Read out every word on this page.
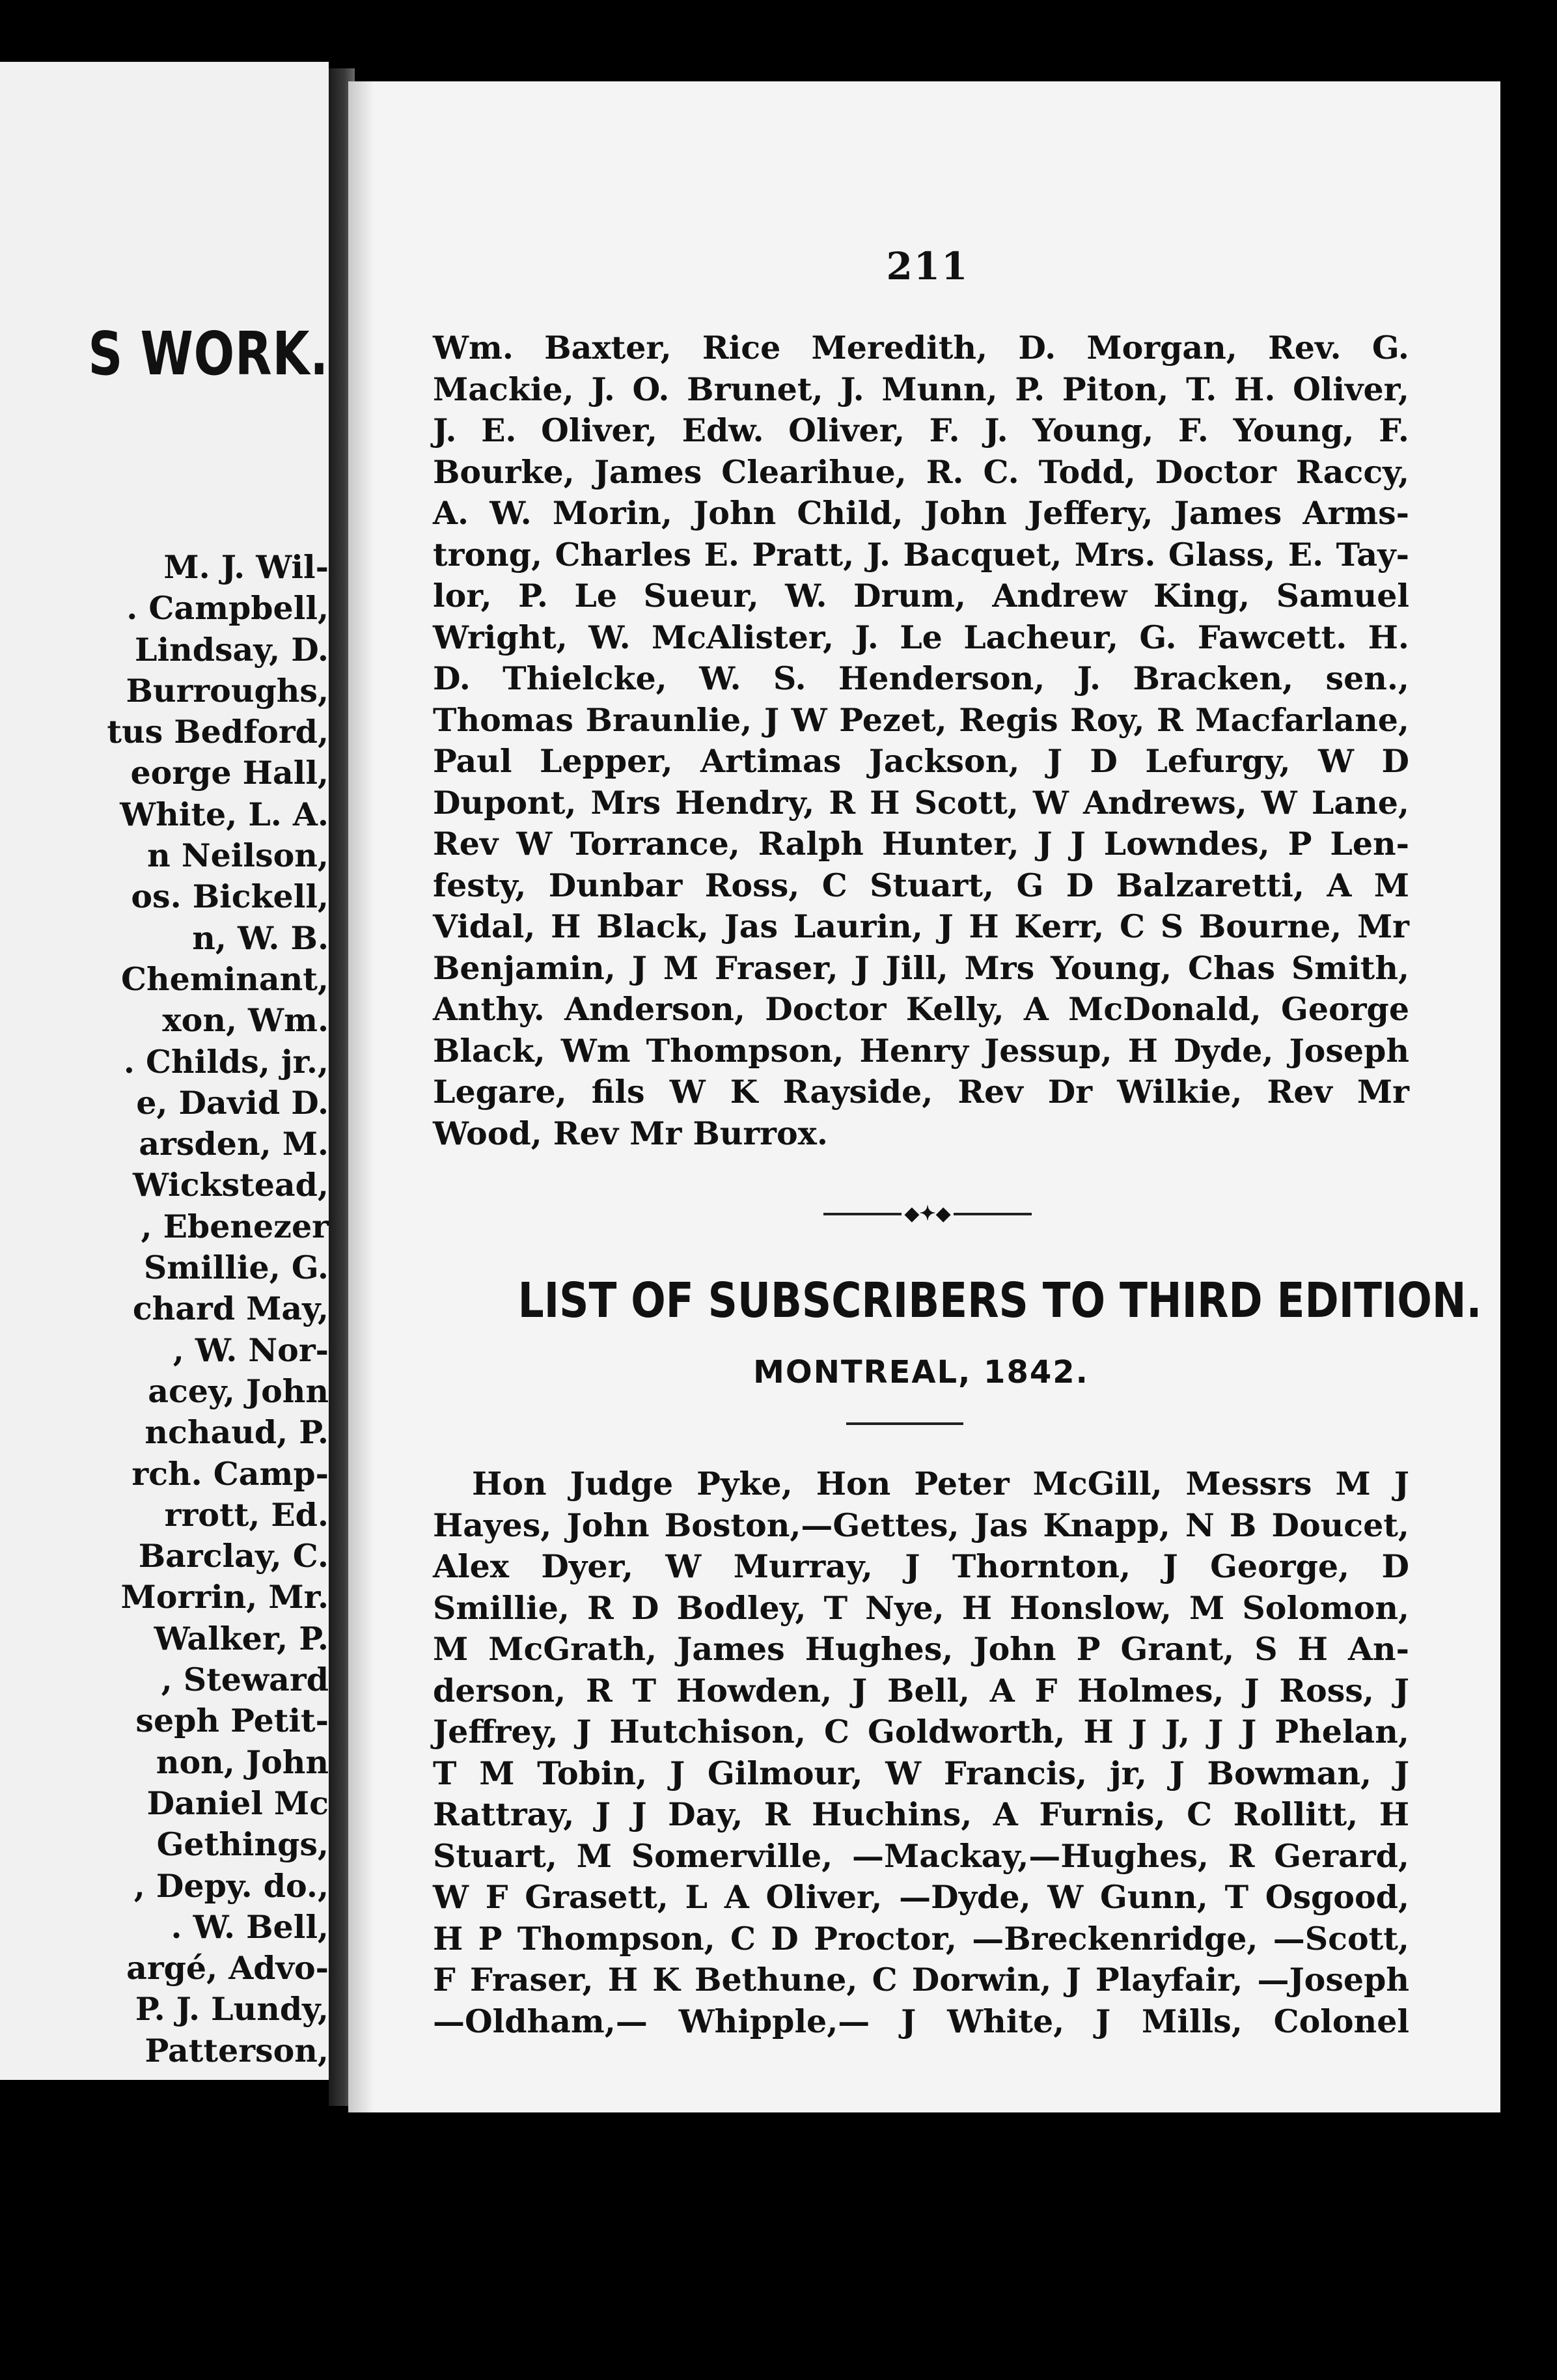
S WORK.
M. J. Wil-
. Campbell,
Lindsay, D.
Burroughs,
tus Bedford,
eorge Hall,
White, L. A.
n Neilson,
os. Bickell,
n, W. B.
Cheminant,
xon, Wm.
. Childs, jr.,
e, David D.
arsden, M.
Wickstead,
, Ebenezer
Smillie, G.
chard May,
, W. Nor-
acey, John
nchaud, P.
rch. Camp-
rrott, Ed.
Barclay, C.
Morrin, Mr.
Walker, P.
, Steward
seph Petit-
non, John
Daniel Mc
Gethings,
, Depy. do.,
. W. Bell,
argé, Advo-
P. J. Lundy,
Patterson,
211
Wm. Baxter, Rice Meredith, D. Morgan, Rev. G.
Mackie, J. O. Brunet, J. Munn, P. Piton, T. H. Oliver,
J. E. Oliver, Edw. Oliver, F. J. Young, F. Young, F.
Bourke, James Clearihue, R. C. Todd, Doctor Raccy,
A. W. Morin, John Child, John Jeffery, James Arms-
trong, Charles E. Pratt, J. Bacquet, Mrs. Glass, E. Tay-
lor, P. Le Sueur, W. Drum, Andrew King, Samuel
Wright, W. McAlister, J. Le Lacheur, G. Fawcett. H.
D. Thielcke, W. S. Henderson, J. Bracken, sen.,
Thomas Braunlie, J W Pezet, Regis Roy, R Macfarlane,
Paul Lepper, Artimas Jackson, J D Lefurgy, W D
Dupont, Mrs Hendry, R H Scott, W Andrews, W Lane,
Rev W Torrance, Ralph Hunter, J J Lowndes, P Len-
festy, Dunbar Ross, C Stuart, G D Balzaretti, A M
Vidal, H Black, Jas Laurin, J H Kerr, C S Bourne, Mr
Benjamin, J M Fraser, J Jill, Mrs Young, Chas Smith,
Anthy. Anderson, Doctor Kelly, A McDonald, George
Black, Wm Thompson, Henry Jessup, H Dyde, Joseph
Legare, fils W K Rayside, Rev Dr Wilkie, Rev Mr
Wood, Rev Mr Burrox.
◆✦◆
LIST OF SUBSCRIBERS TO THIRD EDITION.
MONTREAL, 1842.
Hon Judge Pyke, Hon Peter McGill, Messrs M J
Hayes, John Boston,—Gettes, Jas Knapp, N B Doucet,
Alex Dyer, W Murray, J Thornton, J George, D
Smillie, R D Bodley, T Nye, H Honslow, M Solomon,
M McGrath, James Hughes, John P Grant, S H An-
derson, R T Howden, J Bell, A F Holmes, J Ross, J
Jeffrey, J Hutchison, C Goldworth, H J J, J J Phelan,
T M Tobin, J Gilmour, W Francis, jr, J Bowman, J
Rattray, J J Day, R Huchins, A Furnis, C Rollitt, H
Stuart, M Somerville, —Mackay,—Hughes, R Gerard,
W F Grasett, L A Oliver, —Dyde, W Gunn, T Osgood,
H P Thompson, C D Proctor, —Breckenridge, —Scott,
F Fraser, H K Bethune, C Dorwin, J Playfair, —Joseph
—Oldham,— Whipple,— J White, J Mills, Colonel
